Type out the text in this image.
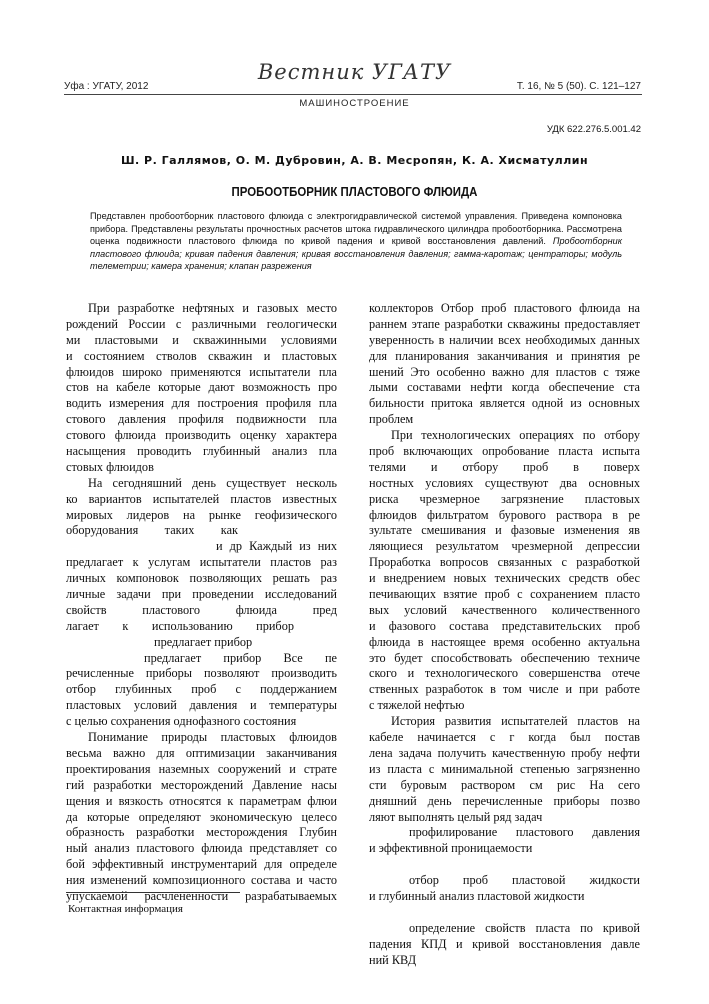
Уфа : УГАТУ, 2012
Вестник УГАТУ
Т. 16, № 5 (50). С. 121–127
МАШИНОСТРОЕНИЕ
УДК 622.276.5.001.42
Ш. Р. Галлямов, О. М. Дубровин, А. В. Месропян, К. А. Хисматуллин
ПРОБООТБОРНИК ПЛАСТОВОГО ФЛЮИДА
Представлен пробоотборник пластового флюида с электрогидравлической системой управления. Приведена компоновка прибора. Представлены результаты прочностных расчетов штока гидравлического цилиндра пробоотборника. Рассмотрена оценка подвижности пластового флюида по кривой падения и кривой восстановления давлений. Пробоотборник пластового флюида; кривая падения давления; кривая восстановления давления; гамма-каротаж; центраторы; модуль телеметрии; камера хранения; клапан разрежения
При разработке нефтяных и газовых место
рождений России с различными геологически
ми пластовыми и скважинными условиями
и состоянием стволов скважин и пластовых
флюидов широко применяются испытатели пла
стов на кабеле которые дают возможность про
водить измерения для построения профиля пла
стового давления профиля подвижности пла
стового флюида производить оценку характера
насыщения проводить глубинный анализ пла
стовых флюидов
На сегодняшний день существует несколь
ко вариантов испытателей пластов известных
мировых лидеров на рынке геофизического
оборудования таких как
и др Каждый из них
предлагает к услугам испытатели пластов раз
личных компоновок позволяющих решать раз
личные задачи при проведении исследований
свойств пластового флюида пред
лагает к использованию прибор
предлагает прибор
предлагает прибор Все пе
речисленные приборы позволяют производить
отбор глубинных проб с поддержанием
пластовых условий давления и температуры
с целью сохранения однофазного состояния
Понимание природы пластовых флюидов
весьма важно для оптимизации заканчивания
проектирования наземных сооружений и страте
гий разработки месторождений Давление насы
щения и вязкость относятся к параметрам флюи
да которые определяют экономическую целесо
образность разработки месторождения Глубин
ный анализ пластового флюида представляет со
бой эффективный инструментарий для определе
ния изменений композиционного состава и часто
упускаемой расчлененности разрабатываемых
коллекторов Отбор проб пластового флюида на
раннем этапе разработки скважины предоставляет
уверенность в наличии всех необходимых данных
для планирования заканчивания и принятия ре
шений Это особенно важно для пластов с тяже
лыми составами нефти когда обеспечение ста
бильности притока является одной из основных
проблем
При технологических операциях по отбору
проб включающих опробование пласта испыта
телями и отбору проб в поверх
ностных условиях существуют два основных
риска чрезмерное загрязнение пластовых
флюидов фильтратом бурового раствора в ре
зультате смешивания и фазовые изменения яв
ляющиеся результатом чрезмерной депрессии
Проработка вопросов связанных с разработкой
и внедрением новых технических средств обес
печивающих взятие проб с сохранением пласто
вых условий качественного количественного
и фазового состава представительских проб
флюида в настоящее время особенно актуальна
это будет способствовать обеспечению техниче
ского и технологического совершенства отече
ственных разработок в том числе и при работе
с тяжелой нефтью
История развития испытателей пластов на
кабеле начинается с г когда был постав
лена задача получить качественную пробу нефти
из пласта с минимальной степенью загрязненно
сти буровым раствором см рис На сего
дняшний день перечисленные приборы позво
ляют выполнять целый ряд задач
профилирование пластового давления
и эффективной проницаемости
отбор проб пластовой жидкости
и глубинный анализ пластовой жидкости
определение свойств пласта по кривой
падения КПД и кривой восстановления давле
ний КВД
Контактная информация
